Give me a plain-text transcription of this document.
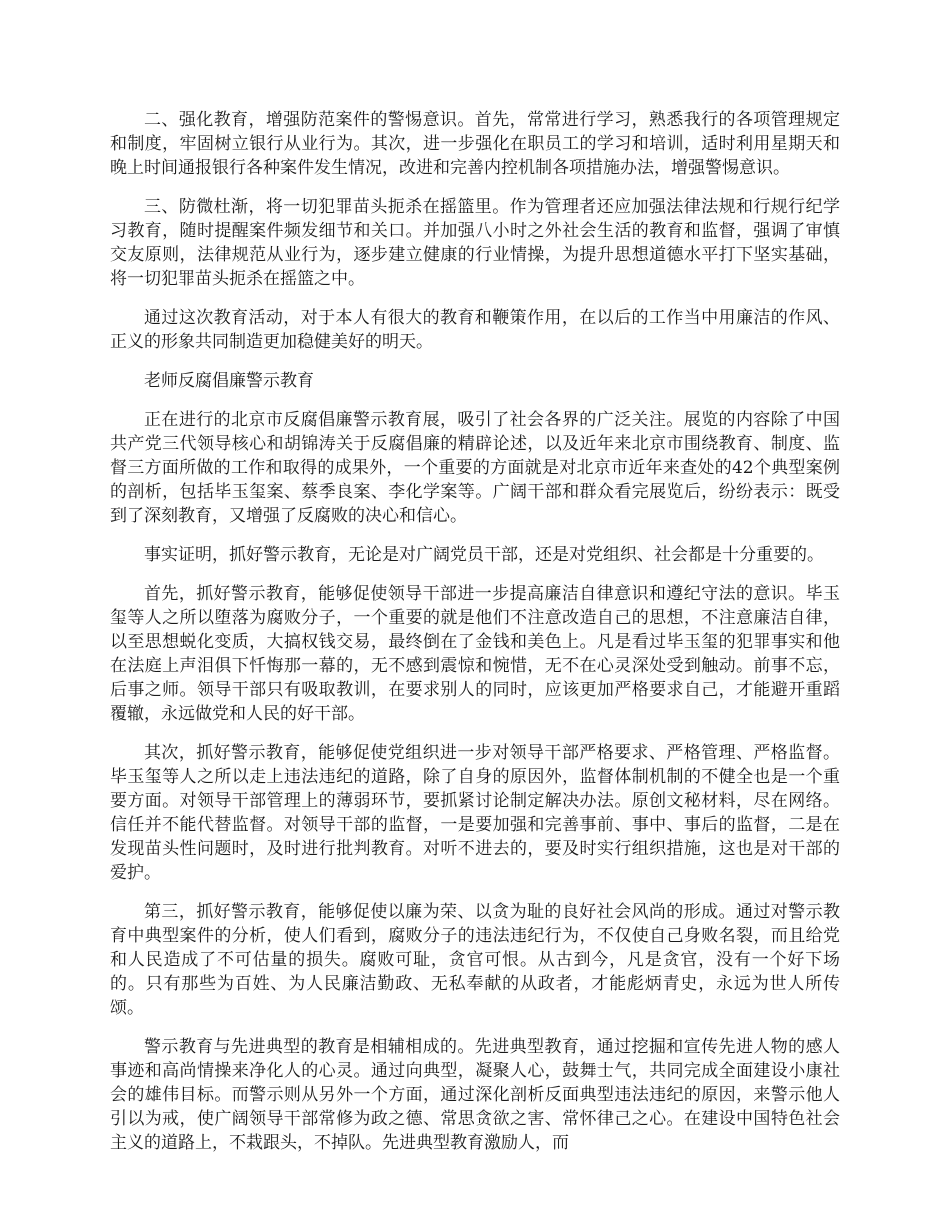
二、强化教育，增强防范案件的警惕意识。首先，常常进行学习，熟悉我行的各项管理规定和制度，牢固树立银行从业行为。其次，进一步强化在职员工的学习和培训，适时利用星期天和晚上时间通报银行各种案件发生情况，改进和完善内控机制各项措施办法，增强警惕意识。

三、防微杜渐，将一切犯罪苗头扼杀在摇篮里。作为管理者还应加强法律法规和行规行纪学习教育，随时提醒案件频发细节和关口。并加强八小时之外社会生活的教育和监督，强调了审慎交友原则，法律规范从业行为，逐步建立健康的行业情操，为提升思想道德水平打下坚实基础，将一切犯罪苗头扼杀在摇篮之中。

通过这次教育活动，对于本人有很大的教育和鞭策作用，在以后的工作当中用廉洁的作风、正义的形象共同制造更加稳健美好的明天。

老师反腐倡廉警示教育

正在进行的北京市反腐倡廉警示教育展，吸引了社会各界的广泛关注。展览的内容除了中国共产党三代领导核心和胡锦涛关于反腐倡廉的精辟论述，以及近年来北京市围绕教育、制度、监督三方面所做的工作和取得的成果外，一个重要的方面就是对北京市近年来查处的42个典型案例的剖析，包括毕玉玺案、蔡季良案、李化学案等。广阔干部和群众看完展览后，纷纷表示：既受到了深刻教育，又增强了反腐败的决心和信心。

事实证明，抓好警示教育，无论是对广阔党员干部，还是对党组织、社会都是十分重要的。

首先，抓好警示教育，能够促使领导干部进一步提高廉洁自律意识和遵纪守法的意识。毕玉玺等人之所以堕落为腐败分子，一个重要的就是他们不注意改造自己的思想，不注意廉洁自律，以至思想蜕化变质，大搞权钱交易，最终倒在了金钱和美色上。凡是看过毕玉玺的犯罪事实和他在法庭上声泪俱下忏悔那一幕的，无不感到震惊和惋惜，无不在心灵深处受到触动。前事不忘，后事之师。领导干部只有吸取教训，在要求别人的同时，应该更加严格要求自己，才能避开重蹈覆辙，永远做党和人民的好干部。

其次，抓好警示教育，能够促使党组织进一步对领导干部严格要求、严格管理、严格监督。毕玉玺等人之所以走上违法违纪的道路，除了自身的原因外，监督体制机制的不健全也是一个重要方面。对领导干部管理上的薄弱环节，要抓紧讨论制定解决办法。原创文秘材料，尽在网络。信任并不能代替监督。对领导干部的监督，一是要加强和完善事前、事中、事后的监督，二是在发现苗头性问题时，及时进行批判教育。对听不进去的，要及时实行组织措施，这也是对干部的爱护。

第三，抓好警示教育，能够促使以廉为荣、以贪为耻的良好社会风尚的形成。通过对警示教育中典型案件的分析，使人们看到，腐败分子的违法违纪行为，不仅使自己身败名裂，而且给党和人民造成了不可估量的损失。腐败可耻，贪官可恨。从古到今，凡是贪官，没有一个好下场的。只有那些为百姓、为人民廉洁勤政、无私奉献的从政者，才能彪炳青史，永远为世人所传颂。

警示教育与先进典型的教育是相辅相成的。先进典型教育，通过挖掘和宣传先进人物的感人事迹和高尚情操来净化人的心灵。通过向典型，凝聚人心，鼓舞士气，共同完成全面建设小康社会的雄伟目标。而警示则从另外一个方面，通过深化剖析反面典型违法违纪的原因，来警示他人引以为戒，使广阔领导干部常修为政之德、常思贪欲之害、常怀律己之心。在建设中国特色社会主义的道路上，不栽跟头，不掉队。先进典型教育激励人，而
